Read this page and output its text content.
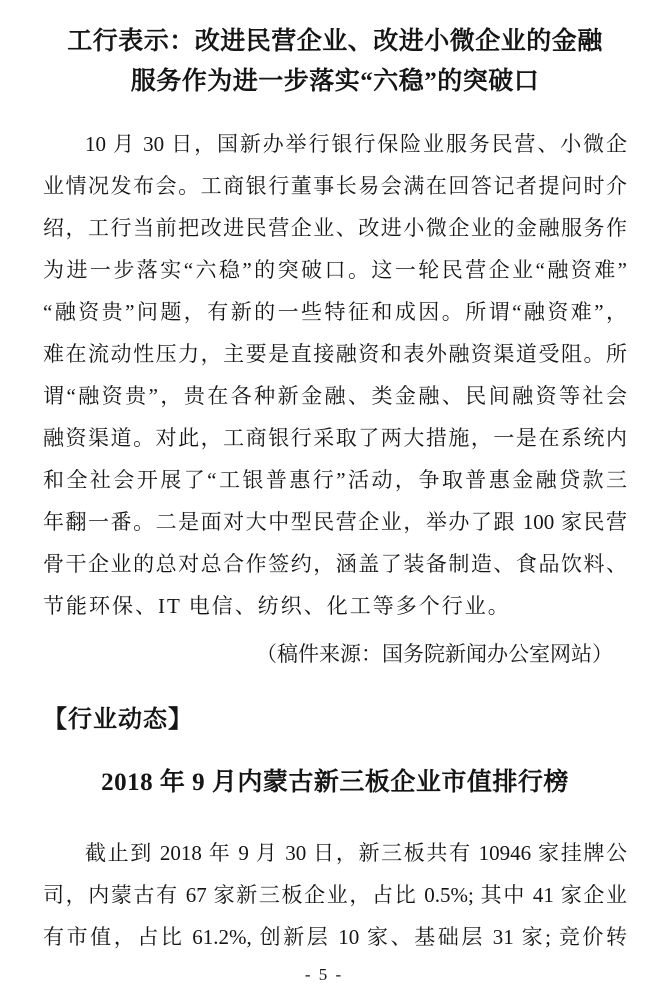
工行表示：改进民营企业、改进小微企业的金融
服务作为进一步落实“六稳”的突破口
10 月 30 日，国新办举行银行保险业服务民营、小微企
业情况发布会。工商银行董事长易会满在回答记者提问时介
绍，工行当前把改进民营企业、改进小微企业的金融服务作
为进一步落实“六稳”的突破口。这一轮民营企业“融资难”
“融资贵”问题，有新的一些特征和成因。所谓“融资难”，
难在流动性压力，主要是直接融资和表外融资渠道受阻。所
谓“融资贵”，贵在各种新金融、类金融、民间融资等社会
融资渠道。对此，工商银行采取了两大措施，一是在系统内
和全社会开展了“工银普惠行”活动，争取普惠金融贷款三
年翻一番。二是面对大中型民营企业，举办了跟 100 家民营
骨干企业的总对总合作签约，涵盖了装备制造、食品饮料、
节能环保、IT 电信、纺织、化工等多个行业。
（稿件来源：国务院新闻办公室网站）
【行业动态】
2018 年 9 月内蒙古新三板企业市值排行榜
截止到 2018 年 9 月 30 日，新三板共有 10946 家挂牌公
司，内蒙古有 67 家新三板企业，占比 0.5%; 其中 41 家企业
有市值，占比 61.2%, 创新层 10 家、基础层 31 家; 竞价转
- 5 -
